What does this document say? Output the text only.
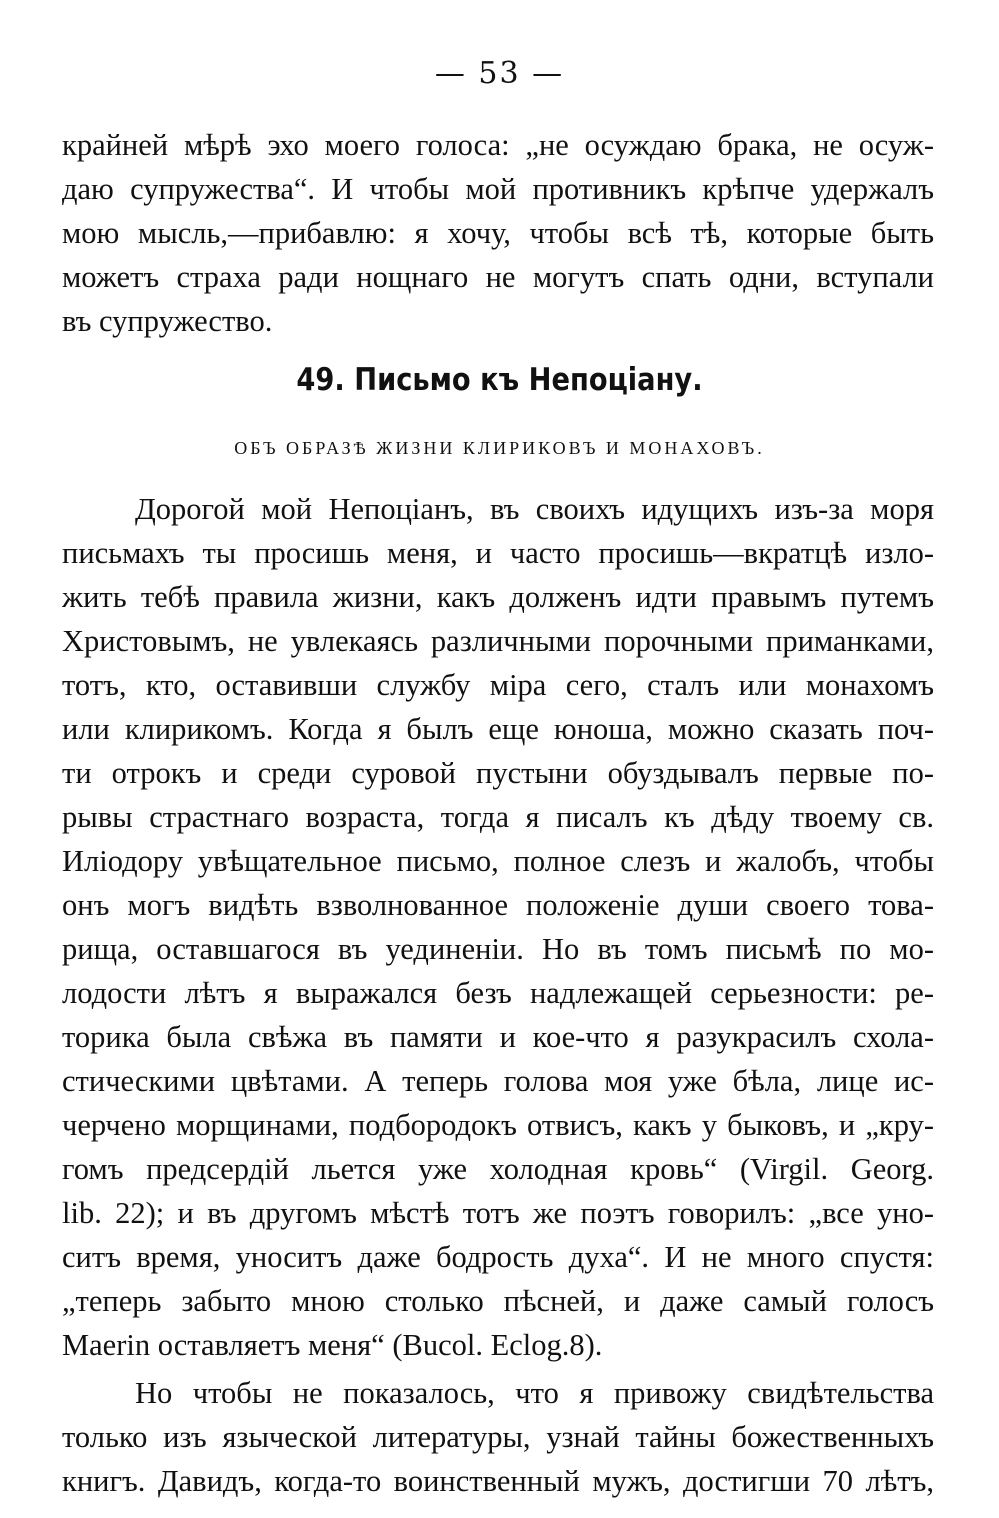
— 53 —
крайней мѣрѣ эхо моего голоса: „не осуждаю брака, не осуж-
даю супружества“. И чтобы мой противникъ крѣпче удержалъ
мою мысль,—прибавлю: я хочу, чтобы всѣ тѣ, которые быть
можетъ страха ради нощнаго не могутъ спать одни, вступали
въ супружество.
49. Письмо къ Непоціану.
ОБЪ ОБРАЗѢ ЖИЗНИ КЛИРИКОВЪ И МОНАХОВЪ.
Дорогой мой Непоціанъ, въ своихъ идущихъ изъ-за моря
письмахъ ты просишь меня, и часто просишь—вкратцѣ изло-
жить тебѣ правила жизни, какъ долженъ идти правымъ путемъ
Христовымъ, не увлекаясь различными порочными приманками,
тотъ, кто, оставивши службу міра сего, сталъ или монахомъ
или клирикомъ. Когда я былъ еще юноша, можно сказать поч-
ти отрокъ и среди суровой пустыни обуздывалъ первые по-
рывы страстнаго возраста, тогда я писалъ къ дѣду твоему св.
Иліодору увѣщательное письмо, полное слезъ и жалобъ, чтобы
онъ могъ видѣть взволнованное положеніе души своего това-
рища, оставшагося въ уединеніи. Но въ томъ письмѣ по мо-
лодости лѣтъ я выражался безъ надлежащей серьезности: ре-
торика была свѣжа въ памяти и кое-что я разукрасилъ схола-
стическими цвѣтами. А теперь голова моя уже бѣла, лице ис-
черчено морщинами, подбородокъ отвисъ, какъ у быковъ, и „кру-
гомъ предсердій льется уже холодная кровь“ (Virgil. Georg.
lib. 22); и въ другомъ мѣстѣ тотъ же поэтъ говорилъ: „все уно-
ситъ время, уноситъ даже бодрость духа“. И не много спустя:
„теперь забыто мною столько пѣсней, и даже самый голосъ
Maerin оставляетъ меня“ (Bucol. Eclog.8).
Но чтобы не показалось, что я привожу свидѣтельства
только изъ языческой литературы, узнай тайны божественныхъ
книгъ. Давидъ, когда-то воинственный мужъ, достигши 70 лѣтъ,
